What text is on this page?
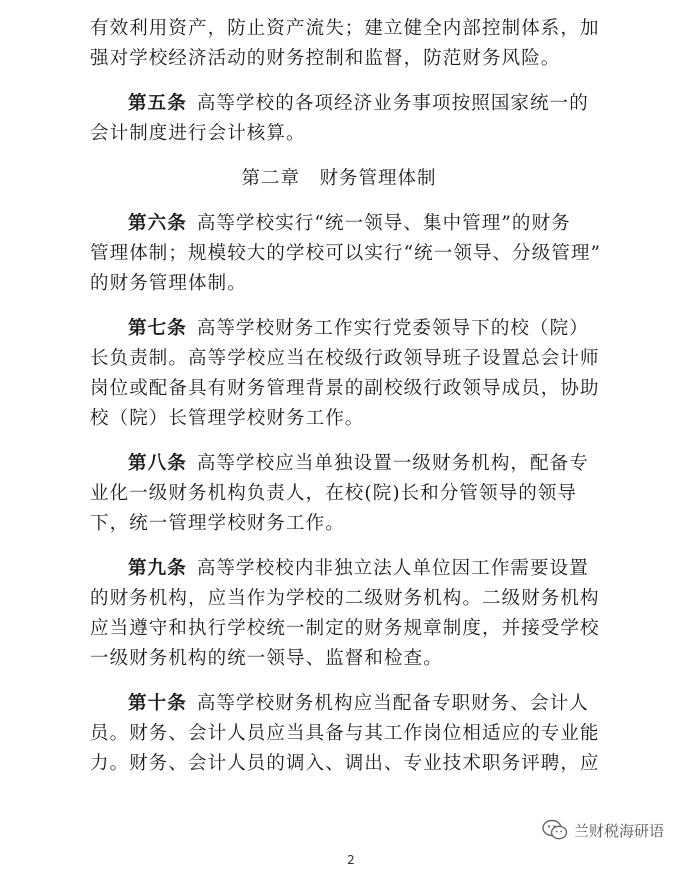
有效利用资产，防止资产流失；建立健全内部控制体系，加
强对学校经济活动的财务控制和监督，防范财务风险。
第五条 高等学校的各项经济业务事项按照国家统一的
会计制度进行会计核算。
第二章　财务管理体制
第六条 高等学校实行“统一领导、集中管理”的财务
管理体制；规模较大的学校可以实行“统一领导、分级管理”
的财务管理体制。
第七条 高等学校财务工作实行党委领导下的校（院）
长负责制。高等学校应当在校级行政领导班子设置总会计师
岗位或配备具有财务管理背景的副校级行政领导成员，协助
校（院）长管理学校财务工作。
第八条 高等学校应当单独设置一级财务机构，配备专
业化一级财务机构负责人，在校(院)长和分管领导的领导
下，统一管理学校财务工作。
第九条 高等学校校内非独立法人单位因工作需要设置
的财务机构，应当作为学校的二级财务机构。二级财务机构
应当遵守和执行学校统一制定的财务规章制度，并接受学校
一级财务机构的统一领导、监督和检查。
第十条 高等学校财务机构应当配备专职财务、会计人
员。财务、会计人员应当具备与其工作岗位相适应的专业能
力。财务、会计人员的调入、调出、专业技术职务评聘，应
2
兰财税海研语
